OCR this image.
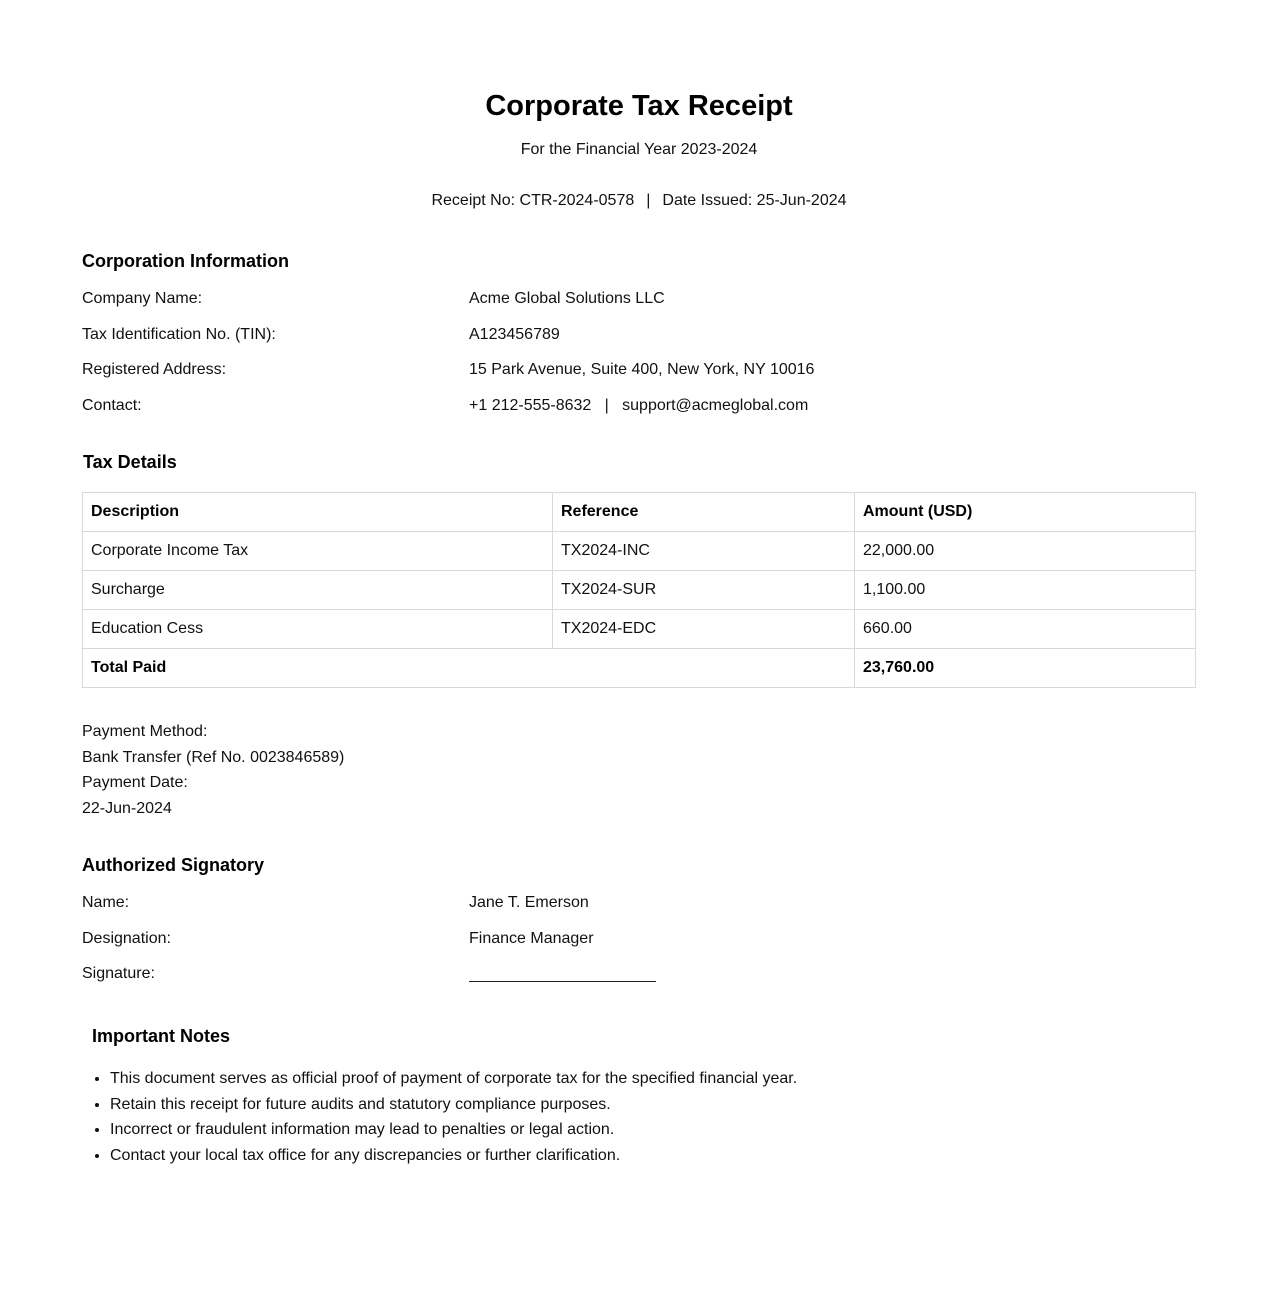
Corporate Tax Receipt
For the Financial Year 2023-2024
Receipt No: CTR-2024-0578 | Date Issued: 25-Jun-2024
Corporation Information
Company Name:	Acme Global Solutions LLC
Tax Identification No. (TIN):	A123456789
Registered Address:	15 Park Avenue, Suite 400, New York, NY 10016
Contact:	+1 212-555-8632   |   support@acmeglobal.com
Tax Details
Description	Reference	Amount (USD)
Corporate Income Tax	TX2024-INC	22,000.00
Surcharge	TX2024-SUR	1,100.00
Education Cess	TX2024-EDC	660.00
Total Paid		23,760.00
Payment Method:
Bank Transfer (Ref No. 0023846589)
Payment Date:
22-Jun-2024
Authorized Signatory
Name:	Jane T. Emerson
Designation:	Finance Manager
Signature:
Important Notes
• This document serves as official proof of payment of corporate tax for the specified financial year.
• Retain this receipt for future audits and statutory compliance purposes.
• Incorrect or fraudulent information may lead to penalties or legal action.
• Contact your local tax office for any discrepancies or further clarification.
